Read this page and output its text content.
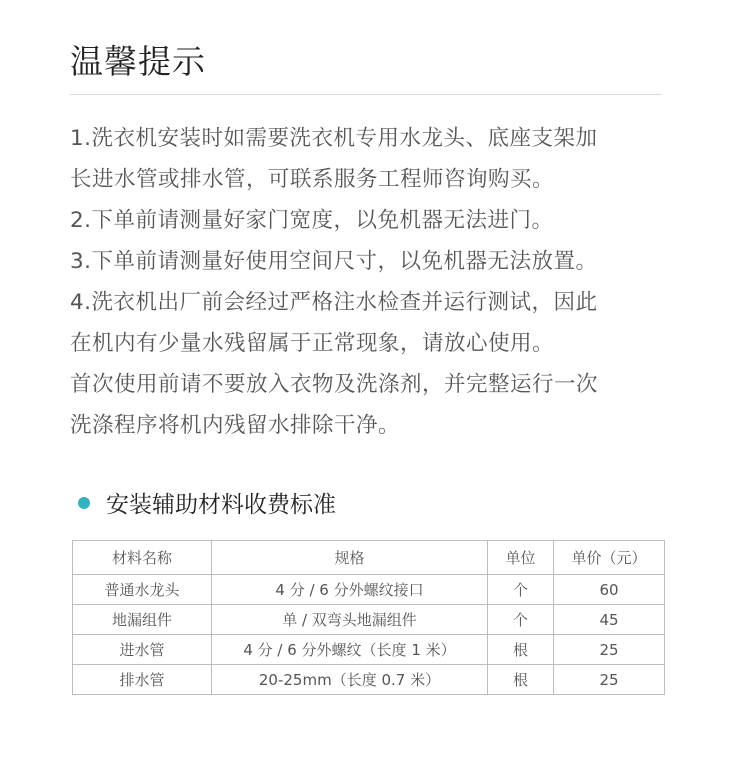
温馨提示
1.洗衣机安装时如需要洗衣机专用水龙头、底座支架加
长进水管或排水管，可联系服务工程师咨询购买。
2.下单前请测量好家门宽度，以免机器无法进门。
3.下单前请测量好使用空间尺寸，以免机器无法放置。
4.洗衣机出厂前会经过严格注水检查并运行测试，因此
在机内有少量水残留属于正常现象，请放心使用。
首次使用前请不要放入衣物及洗涤剂，并完整运行一次
洗涤程序将机内残留水排除干净。
安装辅助材料收费标准
材料名称	规格	单位	单价（元）
普通水龙头	4 分 / 6 分外螺纹接口	个	60
地漏组件	单 / 双弯头地漏组件	个	45
进水管	4 分 / 6 分外螺纹（长度 1 米）	根	25
排水管	20-25mm（长度 0.7 米）	根	25
